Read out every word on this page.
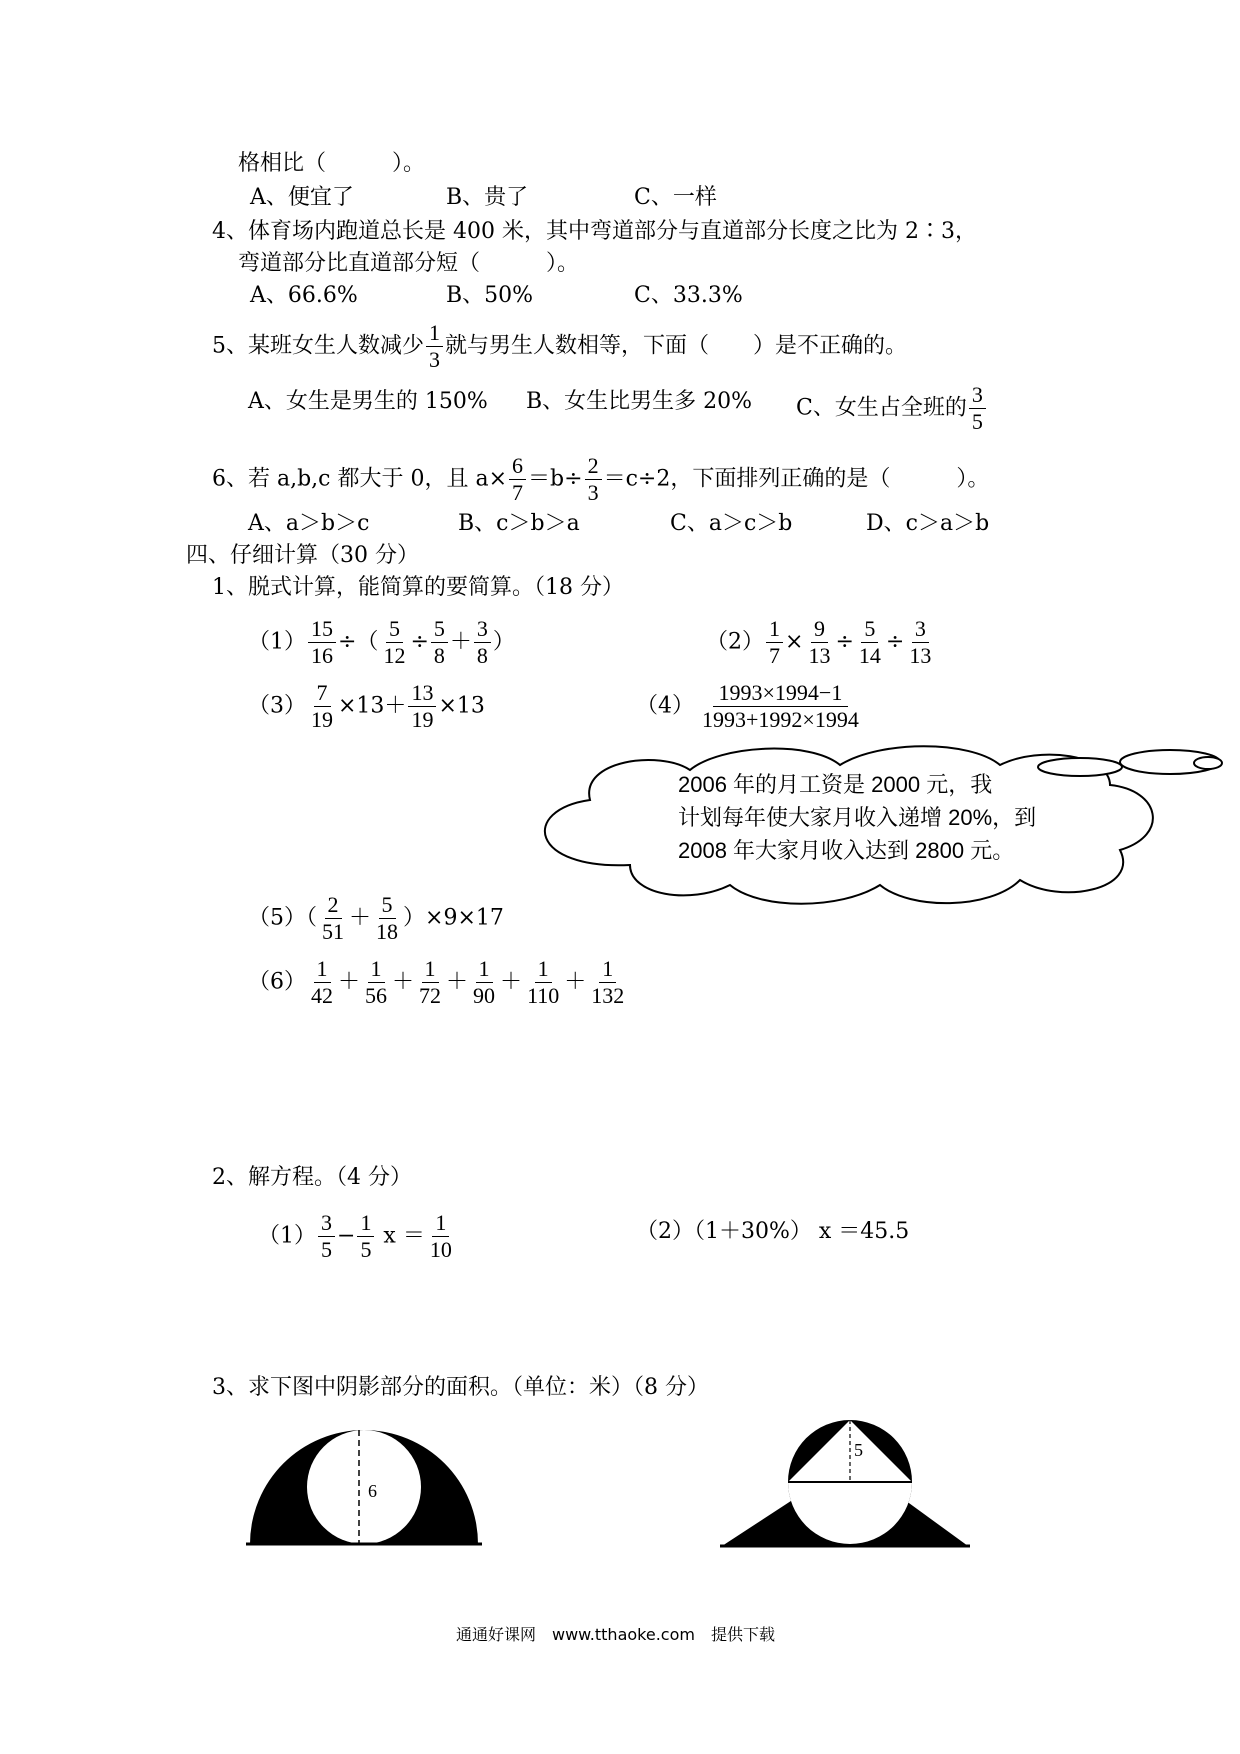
格相比（　　　）。
A、便宜了	B、贵了	C、一样
4、体育场内跑道总长是 400 米，其中弯道部分与直道部分长度之比为 2∶3，
弯道部分比直道部分短（　　　）。
A、66.6%	B、50%	C、33.3%
5、某班女生人数减少 $\frac{1}{3}$ 就与男生人数相等，下面（　　）是不正确的。
A、女生是男生的 150% B、女生比男生多 20% C、女生占全班的 $\frac{3}{5}$
6、若 a,b,c 都大于 0，且 $a\times \frac{6}{7} =b\div \frac{2}{3} =c\div 2$，下面排列正确的是（　　　）。
A、a＞b＞c	B、c＞b＞a	C、a＞c＞b	D、c＞a＞b
四、仔细计算（30 分）
1、脱式计算，能简算的要简算。（18 分）
$(1) \frac{15}{16}$ ÷（ $\frac{5}{12} \div \frac{5}{8} + \frac{3}{8}$ ）	$(2) \frac{1}{7} \times \frac{9}{13} \div \frac{5}{14} \div \frac{3}{13}$
$(3) \frac{7}{19} \times 13+ \frac{13}{19} \times 13$	$(4) \frac{1993\times 1994-1}{1993+1992\times 1994}$
2006 年的月工资是 2000 元，我
计划每年使大家月收入递增 20%，到
2008 年大家月收入达到 2800 元。
$(5)( \frac{2}{51} + \frac{5}{18} )\times 9\times 17$
$(6) \frac{1}{42} + \frac{1}{56} + \frac{1}{72} + \frac{1}{90} + \frac{1}{110} + \frac{1}{132}$
2、解方程。（4 分）
$(1) \frac{3}{5} - \frac{1}{5}$ $x = \frac{1}{10}$	（2）（1＋30%） x ＝45.5
3、求下图中阴影部分的面积。（单位：米）（8 分）
6
5
通通好课网　www.tthaoke.com　提供下载
